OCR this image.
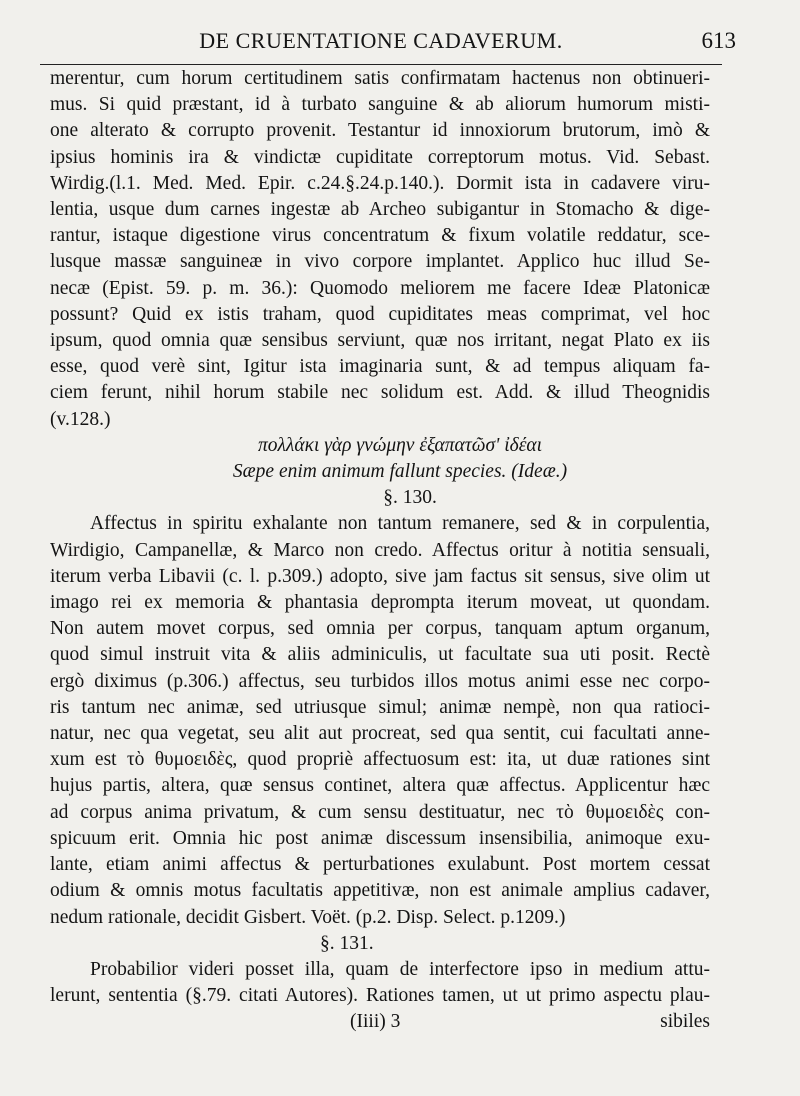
DE CRUENTATIONE CADAVERUM.	613

merentur, cum horum certitudinem satis confirmatam hactenus non obtinueri-

mus. Si quid præstant, id à turbato sanguine & ab aliorum humorum misti-

one alterato & corrupto provenit. Testantur id innoxiorum brutorum, imò &

ipsius hominis ira & vindictæ cupiditate correptorum motus. Vid. Sebast.

Wirdig.(l.1. Med. Med. Epir. c.24.§.24.p.140.). Dormit ista in cadavere viru-

lentia, usque dum carnes ingestæ ab Archeo subigantur in Stomacho & dige-

rantur, istaque digestione virus concentratum & fixum volatile reddatur, sce-

lusque massæ sanguineæ in vivo corpore implantet. Applico huc illud Se-

necæ (Epist. 59. p. m. 36.): Quomodo meliorem me facere Ideæ Platonicæ

possunt? Quid ex istis traham, quod cupiditates meas comprimat, vel hoc

ipsum, quod omnia quæ sensibus serviunt, quæ nos irritant, negat Plato ex iis

esse, quod verè sint, Igitur ista imaginaria sunt, & ad tempus aliquam fa-

ciem ferunt, nihil horum stabile nec solidum est. Add. & illud Theognidis

(v.128.)

πολλάκι γὰρ γνώμην ἐξαπατῶσ' ἰδέαι

Sæpe enim animum fallunt species. (Ideæ.)

§. 130.

Affectus in spiritu exhalante non tantum remanere, sed & in corpulentia,

Wirdigio, Campanellæ, & Marco non credo. Affectus oritur à notitia sensuali,

iterum verba Libavii (c. l. p.309.) adopto, sive jam factus sit sensus, sive olim ut

imago rei ex memoria & phantasia deprompta iterum moveat, ut quondam.

Non autem movet corpus, sed omnia per corpus, tanquam aptum organum,

quod simul instruit vita & aliis adminiculis, ut facultate sua uti posit. Rectè

ergò diximus (p.306.) affectus, seu turbidos illos motus animi esse nec corpo-

ris tantum nec animæ, sed utriusque simul; animæ nempè, non qua ratioci-

natur, nec qua vegetat, seu alit aut procreat, sed qua sentit, cui facultati anne-

xum est τὸ θυμοειδὲς, quod propriè affectuosum est: ita, ut duæ rationes sint

hujus partis, altera, quæ sensus continet, altera quæ affectus. Applicentur hæc

ad corpus anima privatum, & cum sensu destituatur, nec τὸ θυμοειδὲς con-

spicuum erit. Omnia hic post animæ discessum insensibilia, animoque exu-

lante, etiam animi affectus & perturbationes exulabunt. Post mortem cessat

odium & omnis motus facultatis appetitivæ, non est animale amplius cadaver,

nedum rationale, decidit Gisbert. Voët. (p.2. Disp. Select. p.1209.)

§. 131.

Probabilior videri posset illa, quam de interfectore ipso in medium attu-

lerunt, sententia (§.79. citati Autores). Rationes tamen, ut ut primo aspectu plau-

(Iiii) 3	sibiles
